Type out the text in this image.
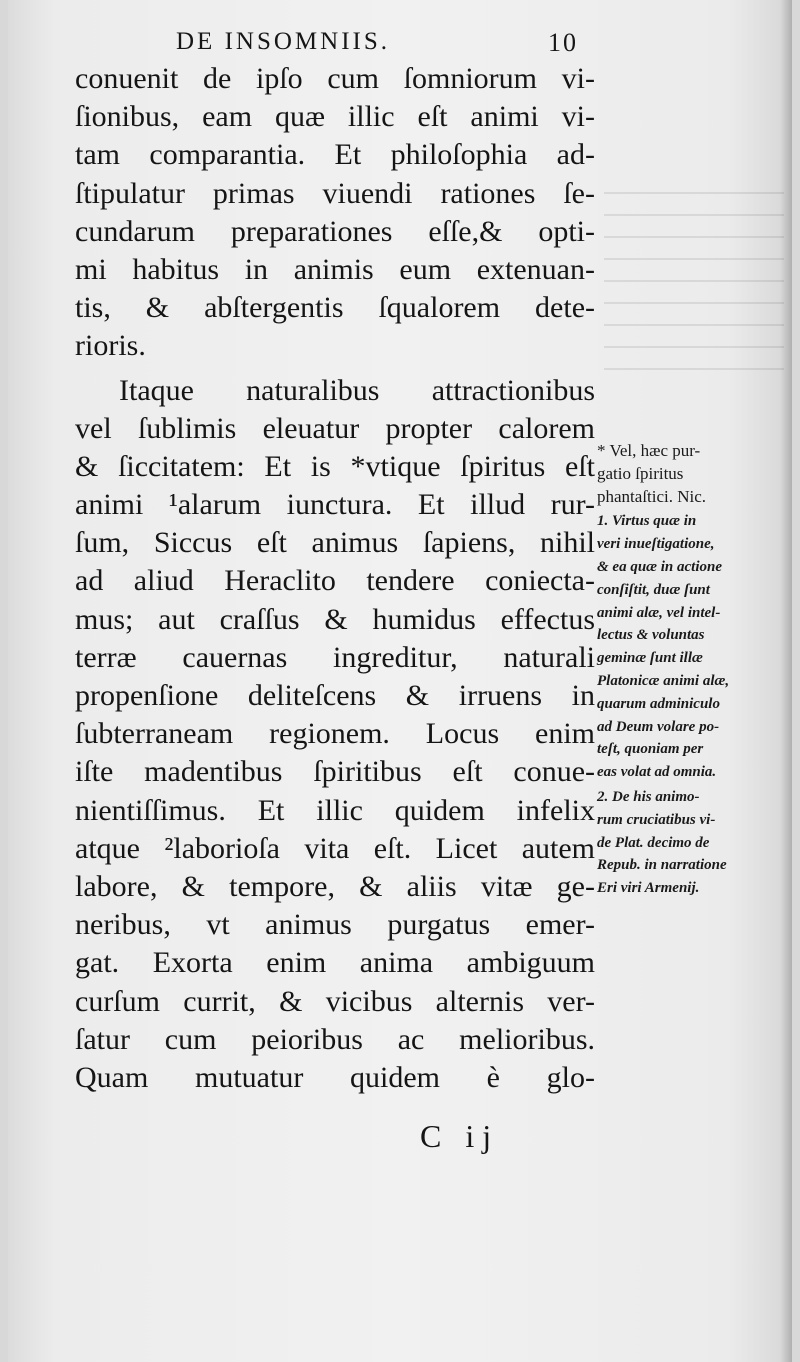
DE INSOMNIIS.	10
conuenit de ipſo cum ſomniorum vi-
ſionibus, eam quæ illic eſt animi vi-
tam comparantia. Et philoſophia ad-
ſtipulatur primas viuendi rationes ſe-
cundarum preparationes eſſe,& opti-
mi habitus in animis eum extenuan-
tis, & abſtergentis ſqualorem dete-
rioris.
Itaque naturalibus attractionibus
vel ſublimis eleuatur propter calorem
& ſiccitatem: Et is *vtique ſpiritus eſt
animi ¹alarum iunctura. Et illud rur-
ſum, Siccus eſt animus ſapiens, nihil
ad aliud Heraclito tendere coniecta-
mus; aut craſſus & humidus effectus
terræ cauernas ingreditur, naturali
propenſione deliteſcens & irruens in
ſubterraneam regionem. Locus enim
iſte madentibus ſpiritibus eſt conue-
nientiſſimus. Et illic quidem infelix
atque ²laborioſa vita eſt. Licet autem
labore, & tempore, & aliis vitæ ge-
neribus, vt animus purgatus emer-
gat. Exorta enim anima ambiguum
curſum currit, & vicibus alternis ver-
ſatur cum peioribus ac melioribus.
Quam mutuatur quidem è glo-
C ij
* Vel, hæc pur-
gatio ſpiritus
phantaſtici. Nic.
1. Virtus quæ in
veri inueſtigatione,
& ea quæ in actione
conſiſtit, duæ ſunt
animi alæ, vel intel-
lectus & voluntas
geminæ ſunt illæ
Platonicæ animi alæ,
quarum adminiculo
ad Deum volare po-
teſt, quoniam per
eas volat ad omnia.
2. De his animo-
rum cruciatibus vi-
de Plat. decimo de
Repub. in narratione
Eri viri Armenij.
